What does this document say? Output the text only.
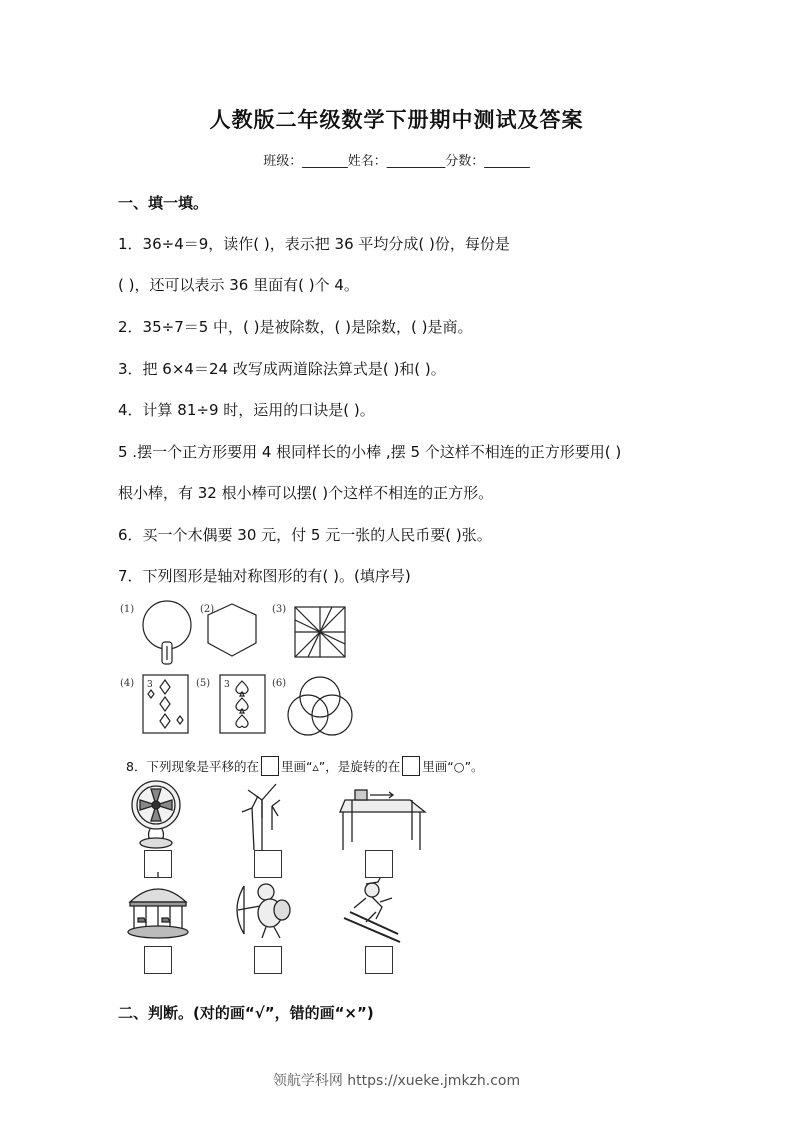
人教版二年级数学下册期中测试及答案
班级：_______姓名：_________分数：_______
一、填一填。
1．36÷4＝9，读作( )，表示把 36 平均分成( )份，每份是
( )，还可以表示 36 里面有( )个 4。
2．35÷7＝5 中，( )是被除数，( )是除数，( )是商。
3．把 6×4＝24 改写成两道除法算式是( )和( )。
4．计算 81÷9 时，运用的口诀是( )。
5 .摆一个正方形要用 4 根同样长的小棒 ,摆 5 个这样不相连的正方形要用( )
根小棒，有 32 根小棒可以摆( )个这样不相连的正方形。
6．买一个木偶要 30 元，付 5 元一张的人民币要( )张。
7．下列图形是轴对称图形的有( )。(填序号)
(1)	(2)	(3)
(4) 3	(5) 3	(6)
8．下列现象是平移的在 里画“▵”，是旋转的在 里画“○”。
二、判断。(对的画“√”，错的画“×”)
领航学科网 https://xueke.jmkzh.com
